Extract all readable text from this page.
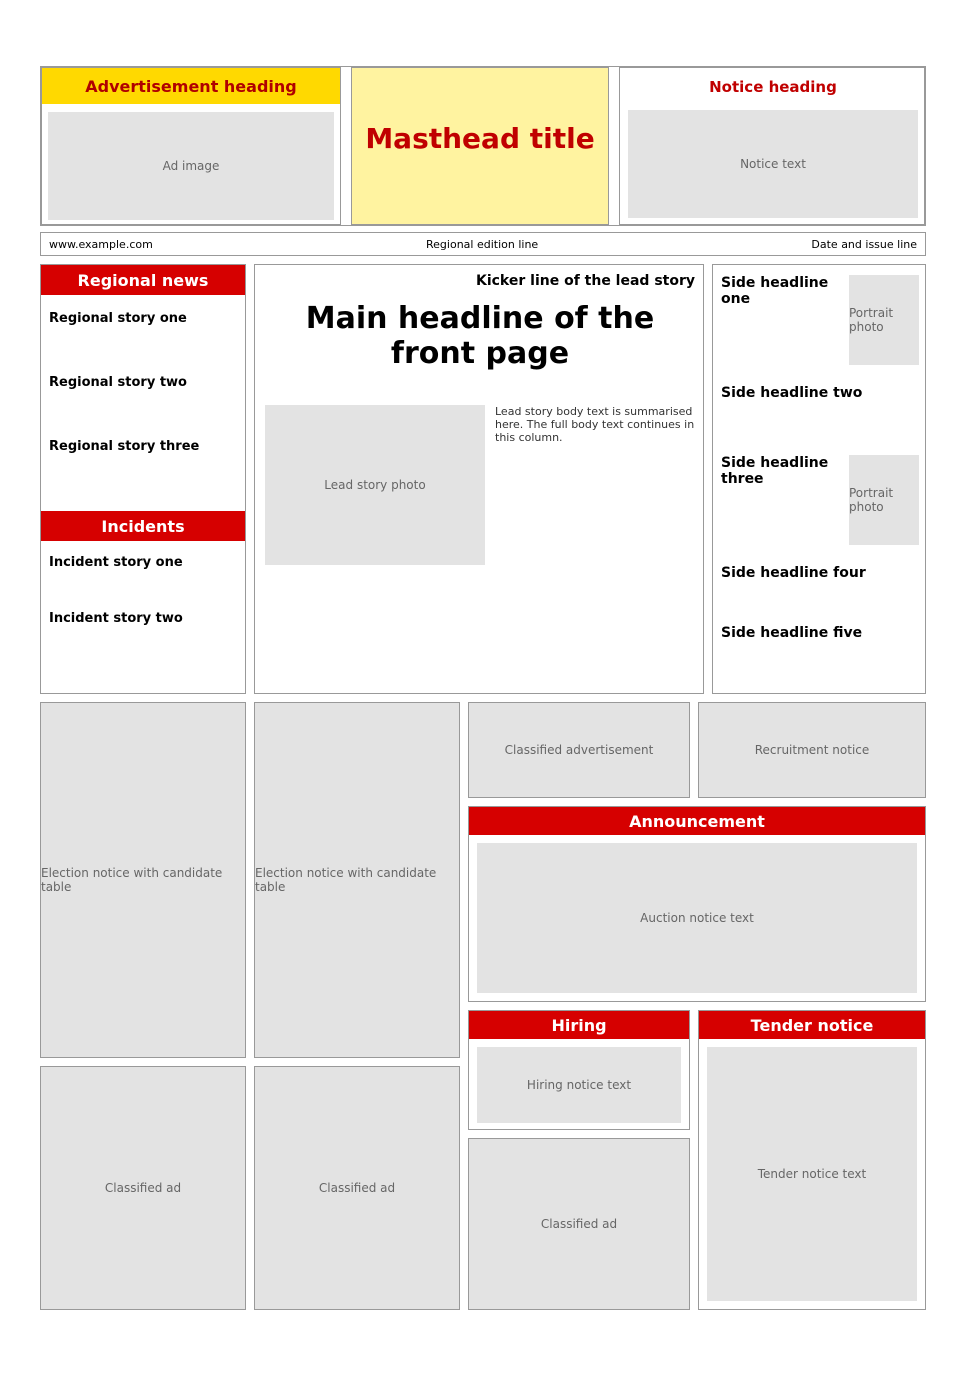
Advertisement heading
Ad image
Masthead title
Notice heading
Notice text
www.example.com	Regional edition line	Date and issue line
Regional news
Regional story one
Regional story two
Regional story three
Incidents
Incident story one
Incident story two
Kicker line of the lead story
Main headline of the front page
Lead story photo
Lead story body text is summarised here. The full body text continues in this column.
Side headline one
Portrait photo
Side headline two
Side headline three
Portrait photo
Side headline four
Side headline five
Election notice with candidate table
Election notice with candidate table
Classified advertisement	Recruitment notice
Announcement
Auction notice text
Hiring
Hiring notice text
Tender notice
Tender notice text
Classified ad	Classified ad
Classified ad
